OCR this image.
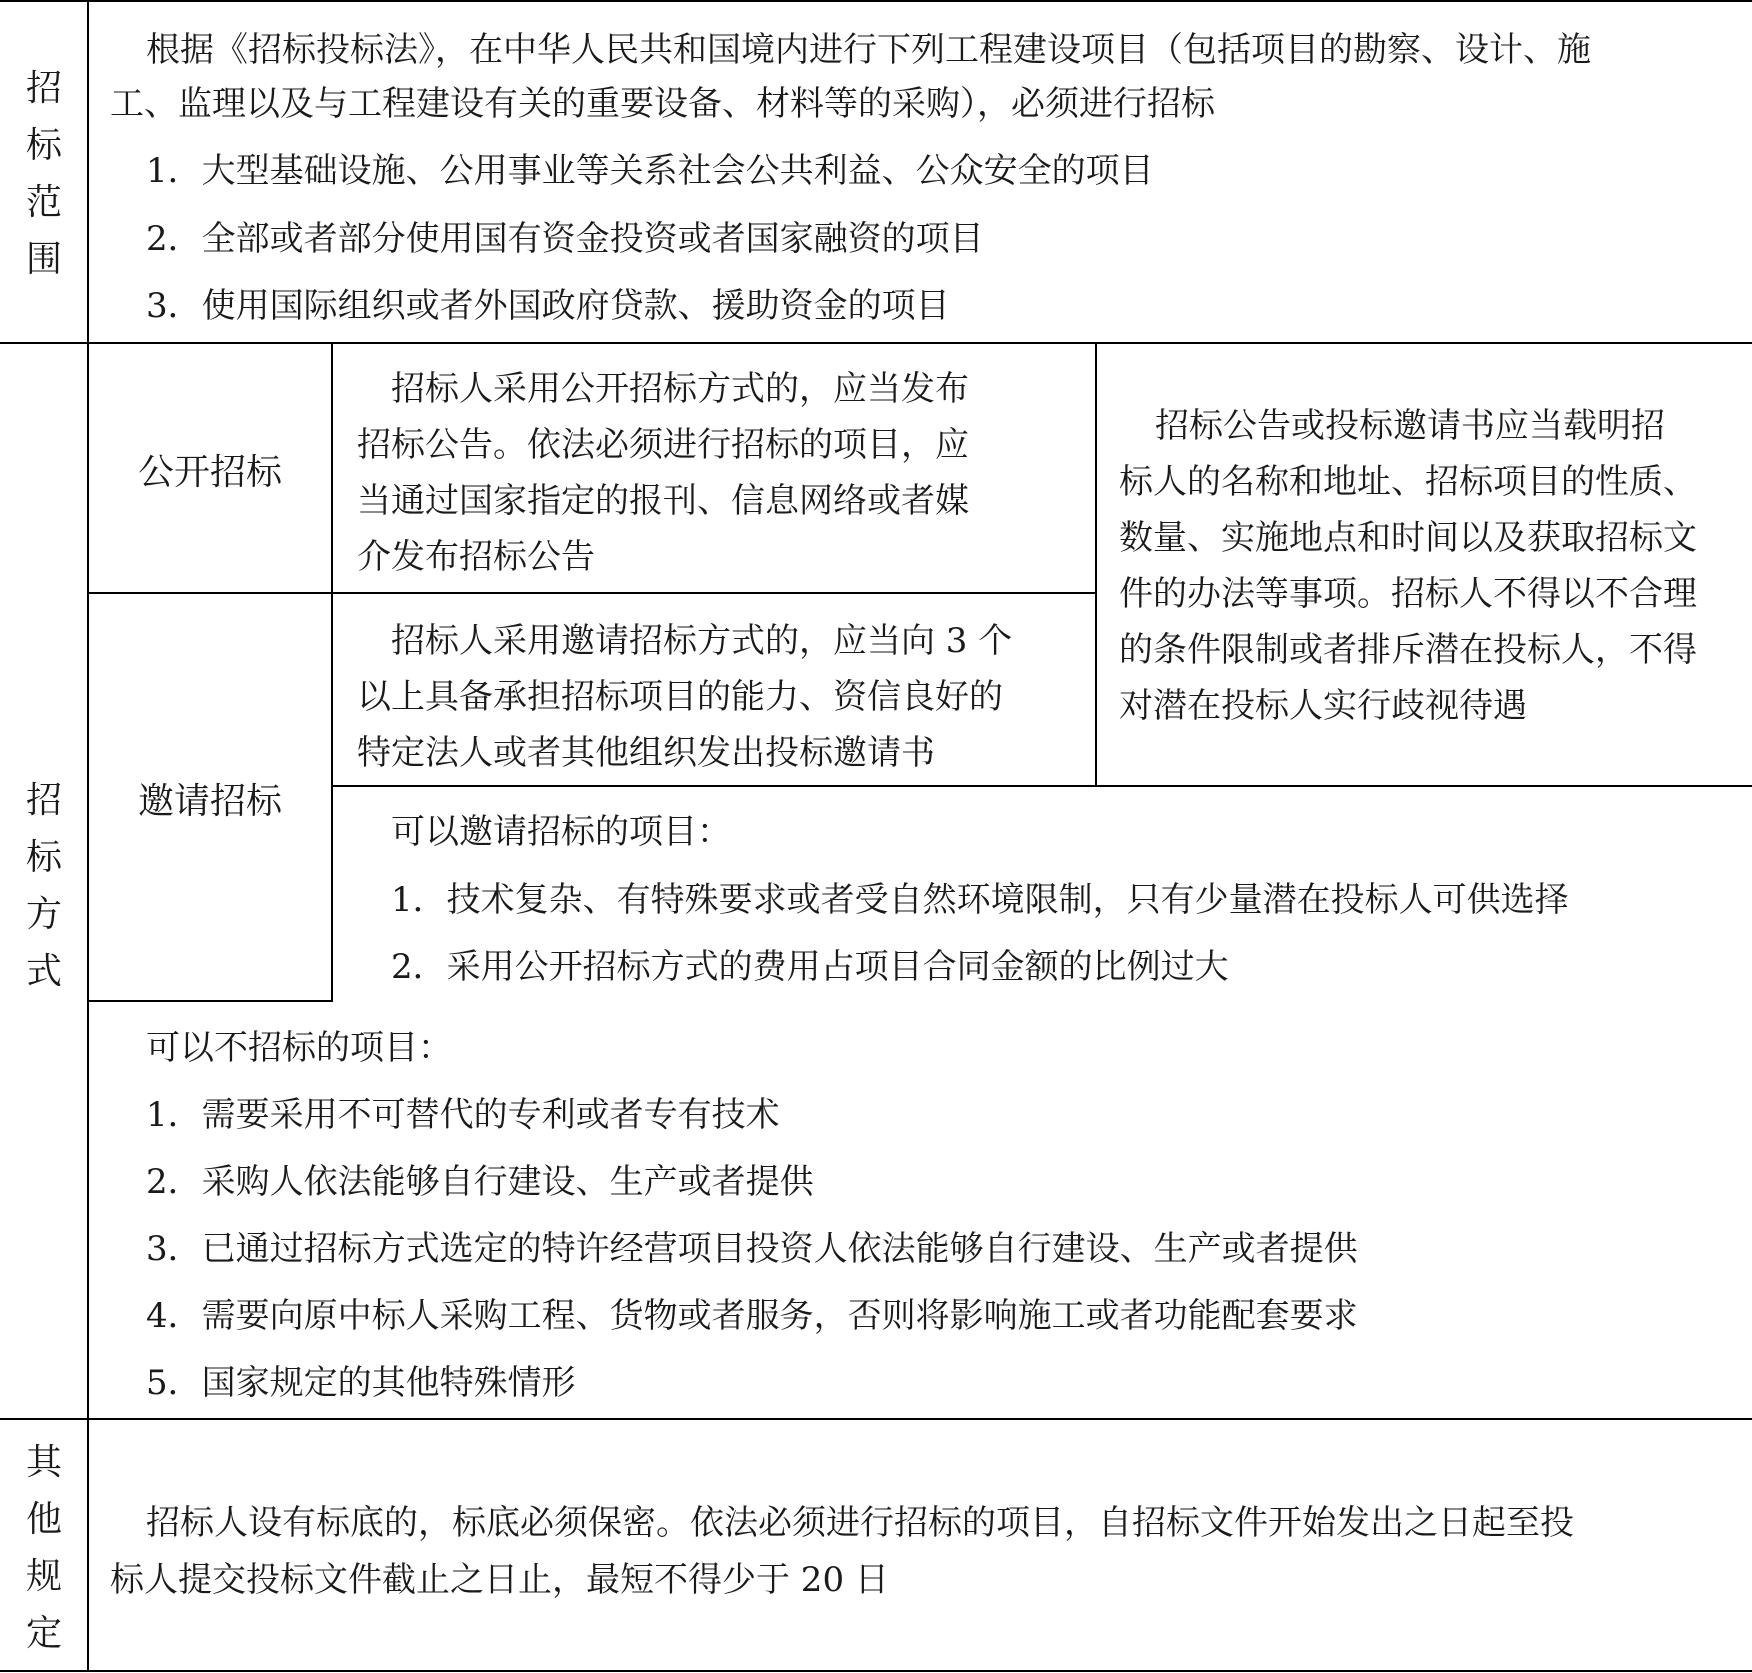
招
标
范
围
根据《招标投标法》，在中华人民共和国境内进行下列工程建设项目（包括项目的勘察、设计、施
工、监理以及与工程建设有关的重要设备、材料等的采购），必须进行招标
1．大型基础设施、公用事业等关系社会公共利益、公众安全的项目
2．全部或者部分使用国有资金投资或者国家融资的项目
3．使用国际组织或者外国政府贷款、援助资金的项目
招
标
方
式
公开招标
邀请招标
招标人采用公开招标方式的，应当发布
招标公告。依法必须进行招标的项目，应
当通过国家指定的报刊、信息网络或者媒
介发布招标公告
招标人采用邀请招标方式的，应当向 3 个
以上具备承担招标项目的能力、资信良好的
特定法人或者其他组织发出投标邀请书
招标公告或投标邀请书应当载明招
标人的名称和地址、招标项目的性质、
数量、实施地点和时间以及获取招标文
件的办法等事项。招标人不得以不合理
的条件限制或者排斥潜在投标人，不得
对潜在投标人实行歧视待遇
可以邀请招标的项目：
1．技术复杂、有特殊要求或者受自然环境限制，只有少量潜在投标人可供选择
2．采用公开招标方式的费用占项目合同金额的比例过大
可以不招标的项目：
1．需要采用不可替代的专利或者专有技术
2．采购人依法能够自行建设、生产或者提供
3．已通过招标方式选定的特许经营项目投资人依法能够自行建设、生产或者提供
4．需要向原中标人采购工程、货物或者服务，否则将影响施工或者功能配套要求
5．国家规定的其他特殊情形
其
他
规
定
招标人设有标底的，标底必须保密。依法必须进行招标的项目，自招标文件开始发出之日起至投
标人提交投标文件截止之日止，最短不得少于 20 日
